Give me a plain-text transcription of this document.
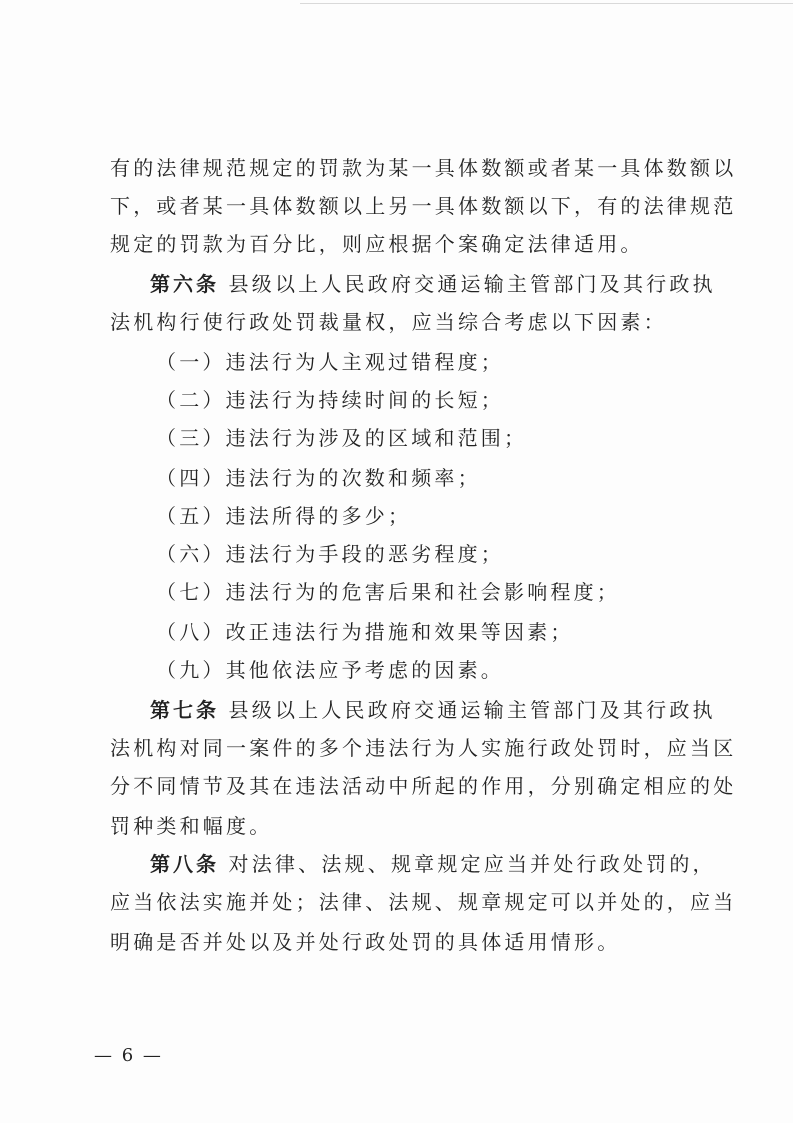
有的法律规范规定的罚款为某一具体数额或者某一具体数额以
下，或者某一具体数额以上另一具体数额以下，有的法律规范
规定的罚款为百分比，则应根据个案确定法律适用。
第六条 县级以上人民政府交通运输主管部门及其行政执
法机构行使行政处罚裁量权，应当综合考虑以下因素：
（一）违法行为人主观过错程度；
（二）违法行为持续时间的长短；
（三）违法行为涉及的区域和范围；
（四）违法行为的次数和频率；
（五）违法所得的多少；
（六）违法行为手段的恶劣程度；
（七）违法行为的危害后果和社会影响程度；
（八）改正违法行为措施和效果等因素；
（九）其他依法应予考虑的因素。
第七条 县级以上人民政府交通运输主管部门及其行政执
法机构对同一案件的多个违法行为人实施行政处罚时，应当区
分不同情节及其在违法活动中所起的作用，分别确定相应的处
罚种类和幅度。
第八条 对法律、法规、规章规定应当并处行政处罚的，
应当依法实施并处；法律、法规、规章规定可以并处的，应当
明确是否并处以及并处行政处罚的具体适用情形。
— 6 —
